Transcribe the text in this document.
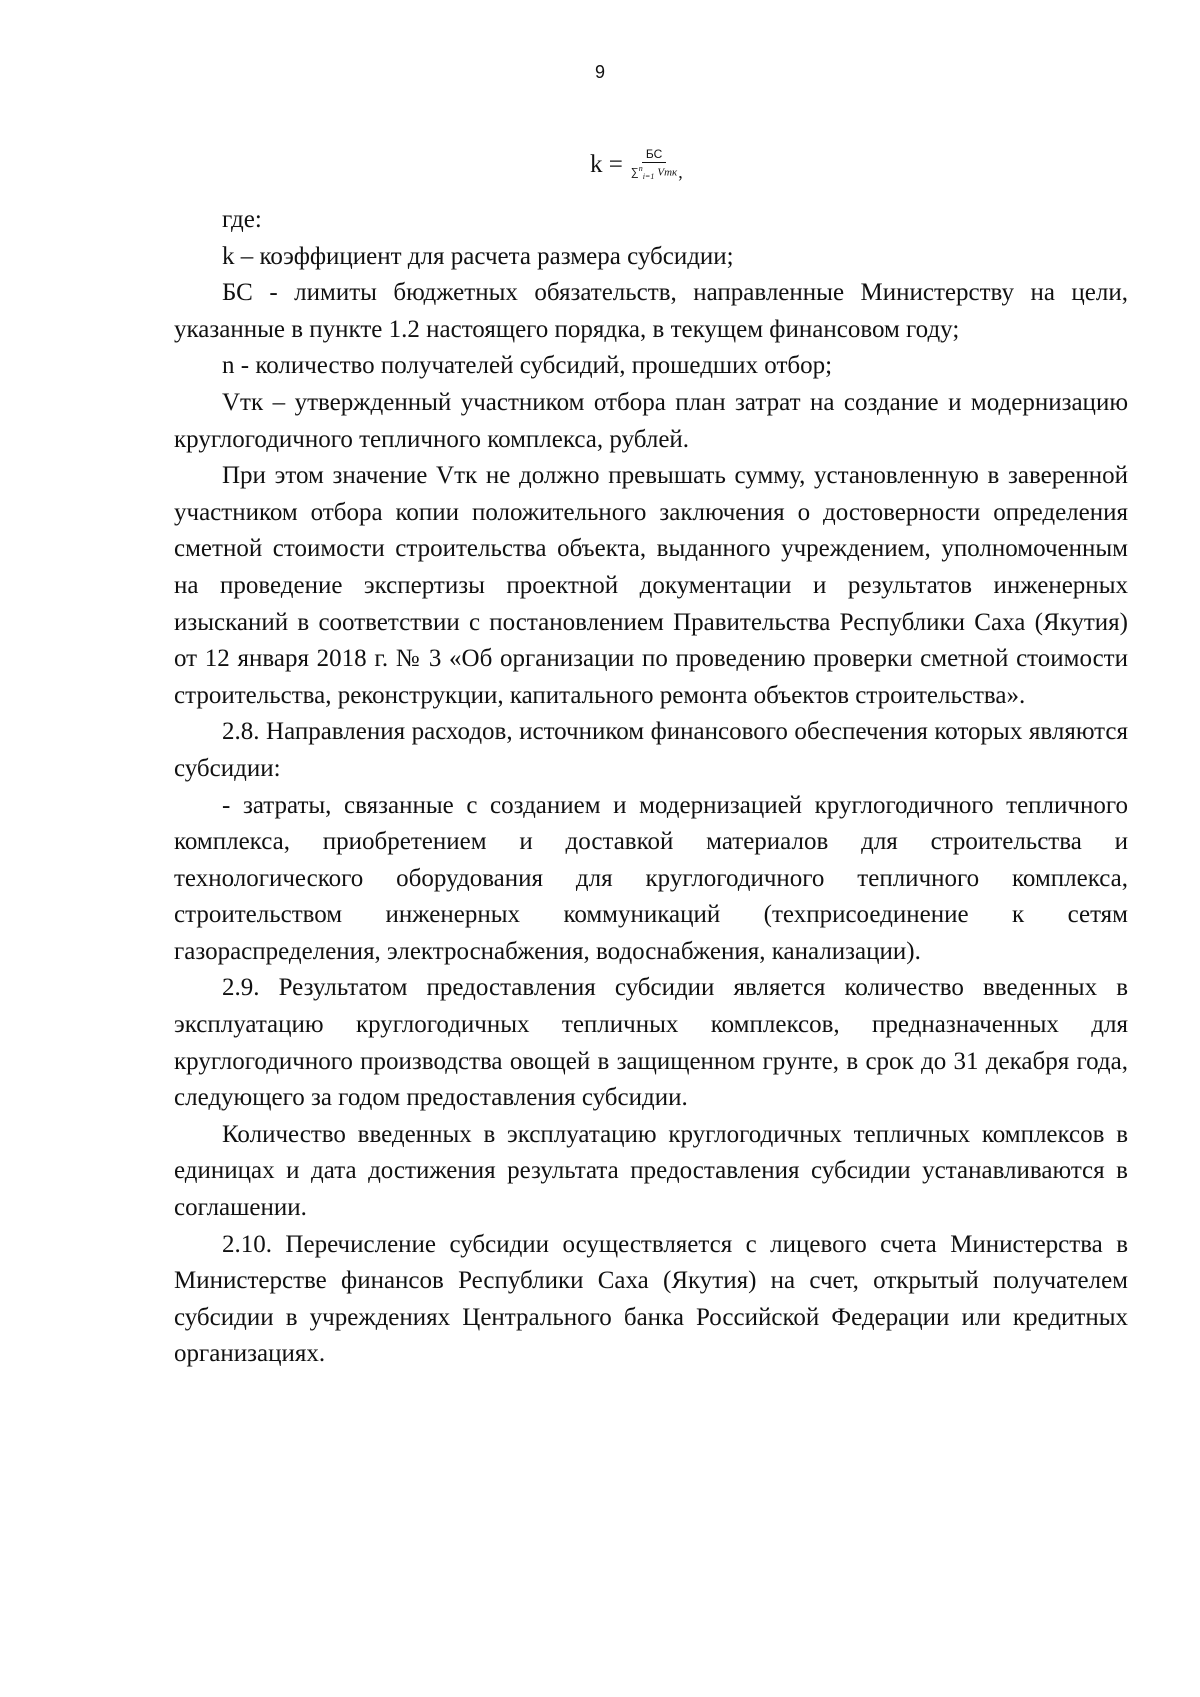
9
$k = \frac{БС}{\sum^n_{i=1} Vтк}$ ,

где:

k – коэффициент для расчета размера субсидии;

БС - лимиты бюджетных обязательств, направленные Министерству на цели, указанные в пункте 1.2 настоящего порядка, в текущем финансовом году;

n - количество получателей субсидий, прошедших отбор;

Vтк – утвержденный участником отбора план затрат на создание и модернизацию круглогодичного тепличного комплекса, рублей.

При этом значение Vтк не должно превышать сумму, установленную в заверенной участником отбора копии положительного заключения о достоверности определения сметной стоимости строительства объекта, выданного учреждением, уполномоченным на проведение экспертизы проектной документации и результатов инженерных изысканий в соответствии с постановлением Правительства Республики Саха (Якутия) от 12 января 2018 г. № 3 «Об организации по проведению проверки сметной стоимости строительства, реконструкции, капитального ремонта объектов строительства».

2.8. Направления расходов, источником финансового обеспечения которых являются субсидии:

- затраты, связанные с созданием и модернизацией круглогодичного тепличного комплекса, приобретением и доставкой материалов для строительства и технологического оборудования для круглогодичного тепличного комплекса, строительством инженерных коммуникаций (техприсоединение к сетям газораспределения, электроснабжения, водоснабжения, канализации).

2.9. Результатом предоставления субсидии является количество введенных в эксплуатацию круглогодичных тепличных комплексов, предназначенных для круглогодичного производства овощей в защищенном грунте, в срок до 31 декабря года, следующего за годом предоставления субсидии.

Количество введенных в эксплуатацию круглогодичных тепличных комплексов в единицах и дата достижения результата предоставления субсидии устанавливаются в соглашении.

2.10. Перечисление субсидии осуществляется с лицевого счета Министерства в Министерстве финансов Республики Саха (Якутия) на счет, открытый получателем субсидии в учреждениях Центрального банка Российской Федерации или кредитных организациях.
